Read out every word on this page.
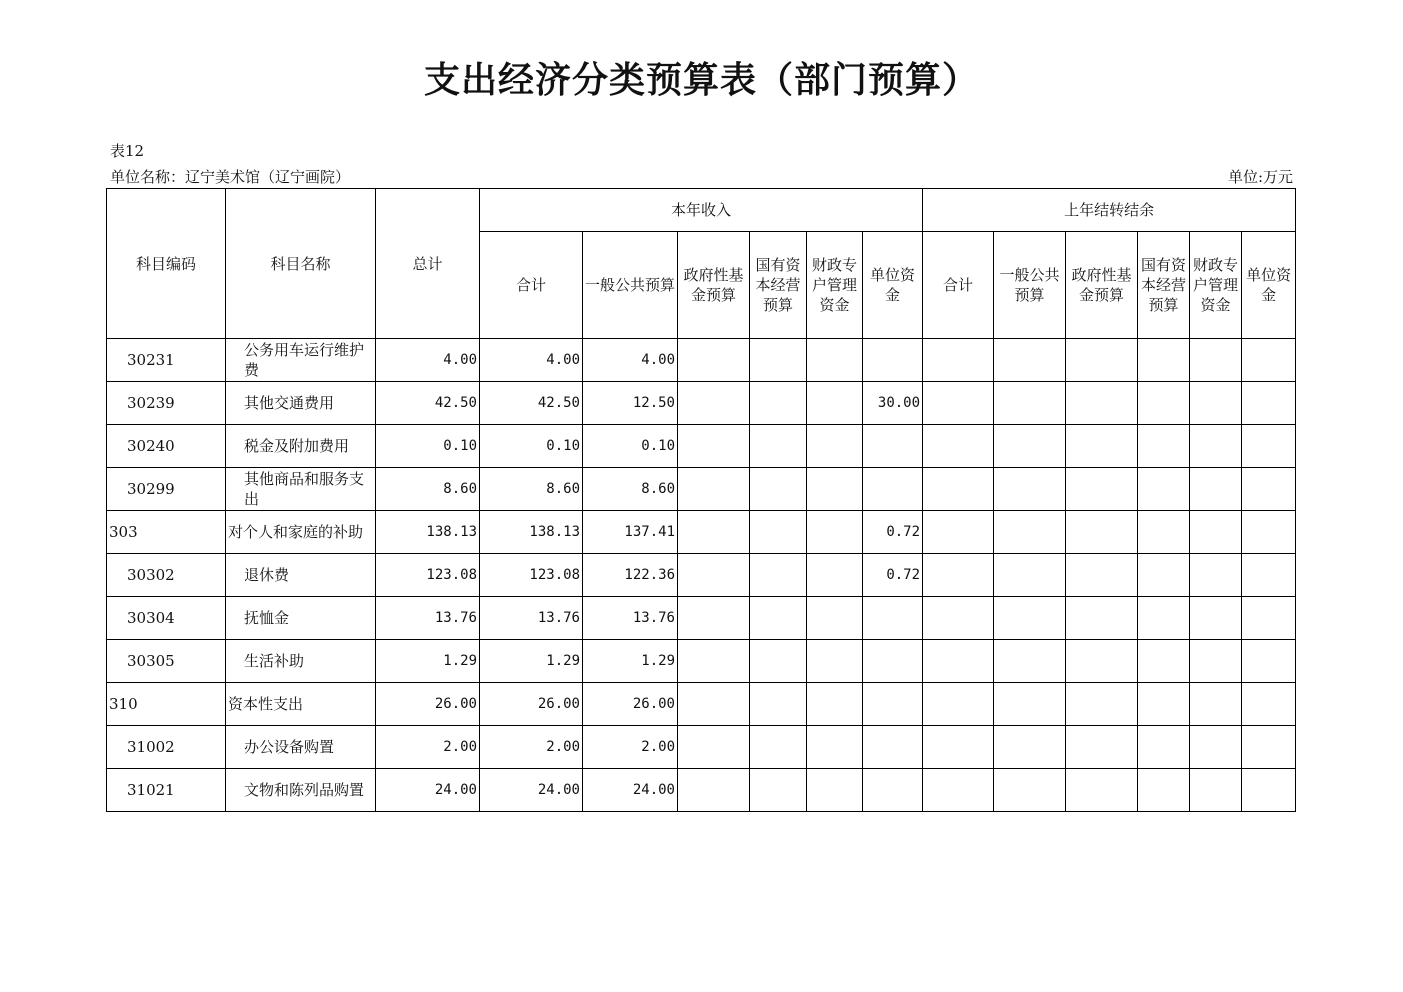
支出经济分类预算表（部门预算）
表12
单位名称：辽宁美术馆（辽宁画院）	单位:万元
科目编码	科目名称	总计	本年收入						上年结转结余					
			合计	一般公共预算	政府性基金预算	国有资本经营预算	财政专户管理资金	单位资金	合计	一般公共预算	政府性基金预算	国有资本经营预算	财政专户管理资金	单位资金
30231	公务用车运行维护费	4.00	4.00	4.00										
30239	其他交通费用	42.50	42.50	12.50				30.00						
30240	税金及附加费用	0.10	0.10	0.10										
30299	其他商品和服务支出	8.60	8.60	8.60										
303	对个人和家庭的补助	138.13	138.13	137.41				0.72						
30302	退休费	123.08	123.08	122.36				0.72						
30304	抚恤金	13.76	13.76	13.76										
30305	生活补助	1.29	1.29	1.29										
310	资本性支出	26.00	26.00	26.00										
31002	办公设备购置	2.00	2.00	2.00										
31021	文物和陈列品购置	24.00	24.00	24.00										
